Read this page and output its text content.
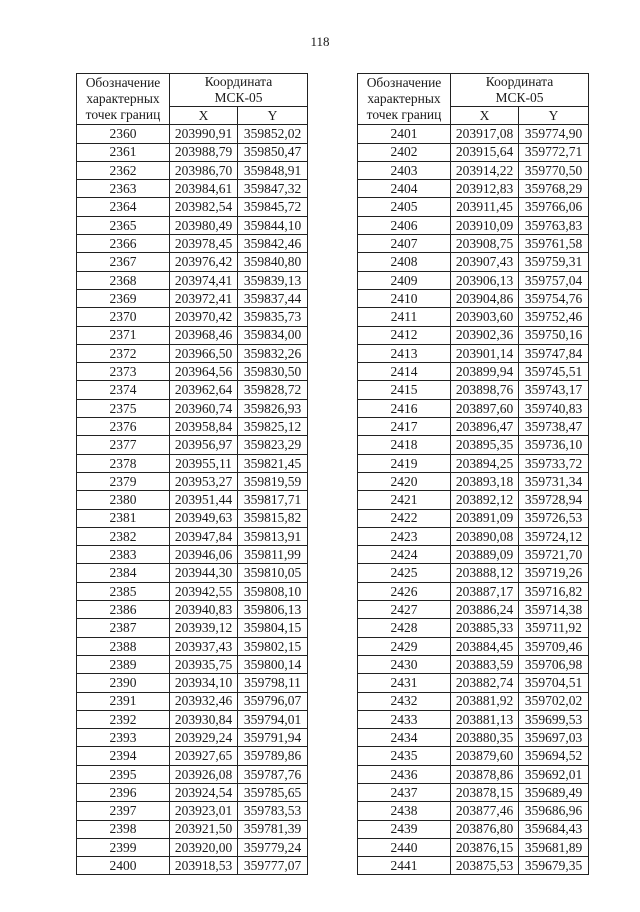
118
Обозначение
характерных
точек границ	Координата
МСК-05	
	X	Y
2360	203990,91	359852,02
2361	203988,79	359850,47
2362	203986,70	359848,91
2363	203984,61	359847,32
2364	203982,54	359845,72
2365	203980,49	359844,10
2366	203978,45	359842,46
2367	203976,42	359840,80
2368	203974,41	359839,13
2369	203972,41	359837,44
2370	203970,42	359835,73
2371	203968,46	359834,00
2372	203966,50	359832,26
2373	203964,56	359830,50
2374	203962,64	359828,72
2375	203960,74	359826,93
2376	203958,84	359825,12
2377	203956,97	359823,29
2378	203955,11	359821,45
2379	203953,27	359819,59
2380	203951,44	359817,71
2381	203949,63	359815,82
2382	203947,84	359813,91
2383	203946,06	359811,99
2384	203944,30	359810,05
2385	203942,55	359808,10
2386	203940,83	359806,13
2387	203939,12	359804,15
2388	203937,43	359802,15
2389	203935,75	359800,14
2390	203934,10	359798,11
2391	203932,46	359796,07
2392	203930,84	359794,01
2393	203929,24	359791,94
2394	203927,65	359789,86
2395	203926,08	359787,76
2396	203924,54	359785,65
2397	203923,01	359783,53
2398	203921,50	359781,39
2399	203920,00	359779,24
2400	203918,53	359777,07
Обозначение
характерных
точек границ	Координата
МСК-05	
	X	Y
2401	203917,08	359774,90
2402	203915,64	359772,71
2403	203914,22	359770,50
2404	203912,83	359768,29
2405	203911,45	359766,06
2406	203910,09	359763,83
2407	203908,75	359761,58
2408	203907,43	359759,31
2409	203906,13	359757,04
2410	203904,86	359754,76
2411	203903,60	359752,46
2412	203902,36	359750,16
2413	203901,14	359747,84
2414	203899,94	359745,51
2415	203898,76	359743,17
2416	203897,60	359740,83
2417	203896,47	359738,47
2418	203895,35	359736,10
2419	203894,25	359733,72
2420	203893,18	359731,34
2421	203892,12	359728,94
2422	203891,09	359726,53
2423	203890,08	359724,12
2424	203889,09	359721,70
2425	203888,12	359719,26
2426	203887,17	359716,82
2427	203886,24	359714,38
2428	203885,33	359711,92
2429	203884,45	359709,46
2430	203883,59	359706,98
2431	203882,74	359704,51
2432	203881,92	359702,02
2433	203881,13	359699,53
2434	203880,35	359697,03
2435	203879,60	359694,52
2436	203878,86	359692,01
2437	203878,15	359689,49
2438	203877,46	359686,96
2439	203876,80	359684,43
2440	203876,15	359681,89
2441	203875,53	359679,35
